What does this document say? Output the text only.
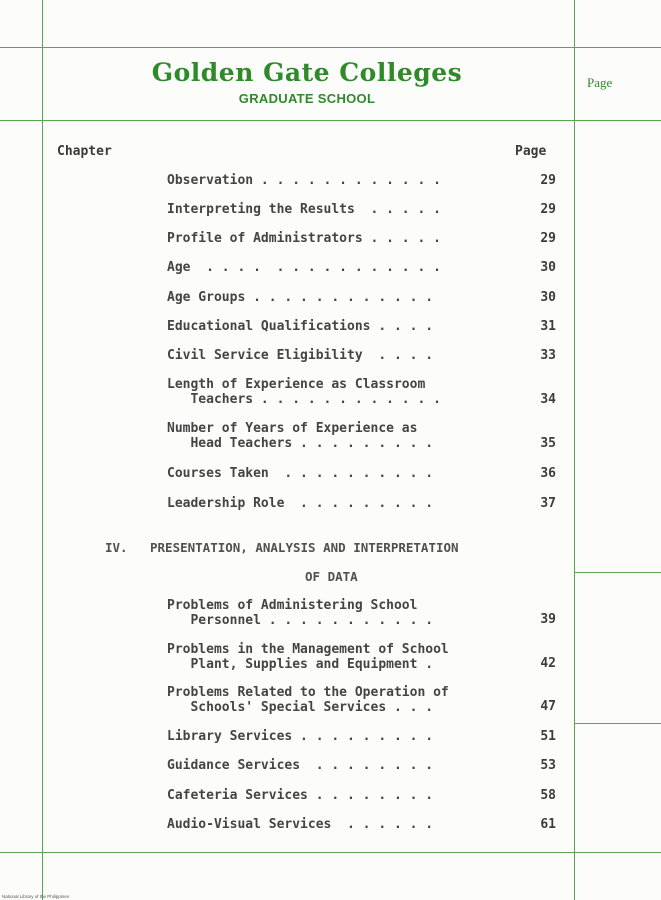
Golden Gate Colleges
GRADUATE SCHOOL
Page
Chapter	Page
Observation . . . . . . . . . . . .	29
Interpreting the Results  . . . . .	29
Profile of Administrators . . . . .	29
Age  . . . .  . . . . . . . . . . .	30
Age Groups . . . . . . . . . . . .	30
Educational Qualifications . . . .	31
Civil Service Eligibility  . . . .	33
Length of Experience as Classroom
Teachers . . . . . . . . . . . .	34
Number of Years of Experience as
Head Teachers . . . . . . . . .	35
Courses Taken  . . . . . . . . . .	36
Leadership Role  . . . . . . . . .	37
IV. PRESENTATION, ANALYSIS AND INTERPRETATION
OF DATA
Problems of Administering School
Personnel . . . . . . . . . . .	39
Problems in the Management of School
Plant, Supplies and Equipment .	42
Problems Related to the Operation of
Schools' Special Services . . .	47
Library Services . . . . . . . . .	51
Guidance Services  . . . . . . . .	53
Cafeteria Services . . . . . . . .	58
Audio-Visual Services  . . . . . .	61
National Library of the Philippines
